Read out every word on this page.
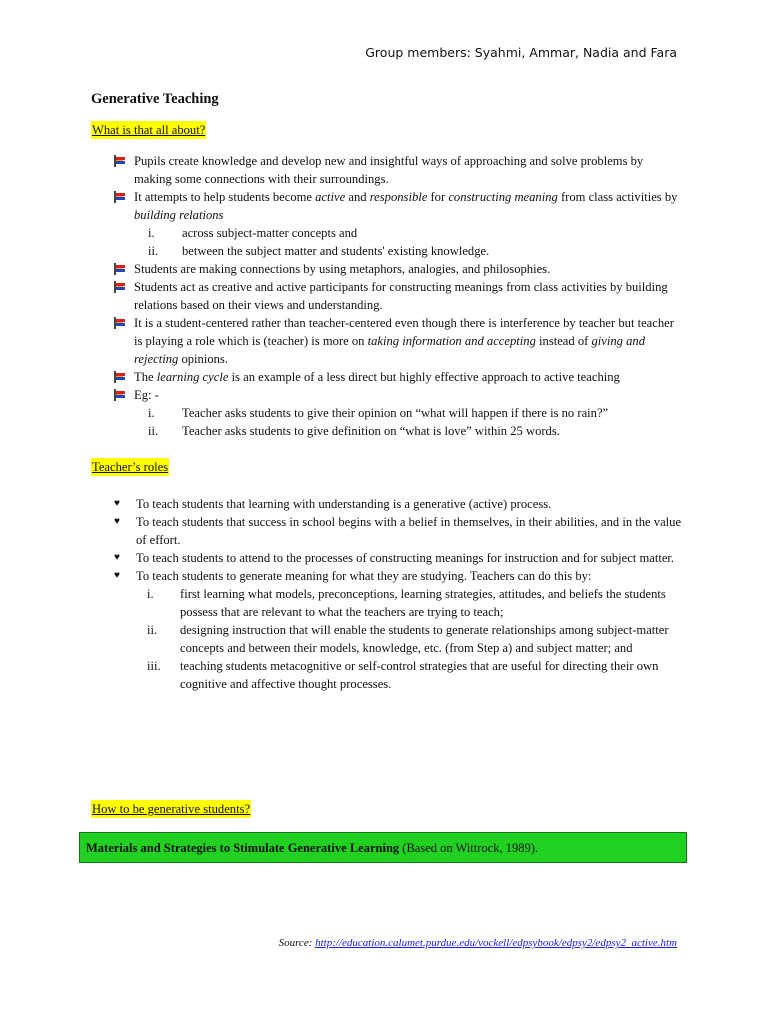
Group members: Syahmi, Ammar, Nadia and Fara
Generative Teaching
What is that all about?
Pupils create knowledge and develop new and insightful ways of approaching and solve problems by making some connections with their surroundings.
It attempts to help students become active and responsible for constructing meaning from class activities by building relations
i.	across subject-matter concepts and
ii.	between the subject matter and students' existing knowledge.
Students are making connections by using metaphors, analogies, and philosophies.
Students act as creative and active participants for constructing meanings from class activities by building relations based on their views and understanding.
It is a student-centered rather than teacher-centered even though there is interference by teacher but teacher is playing a role which is (teacher) is more on taking information and accepting instead of giving and rejecting opinions.
The learning cycle is an example of a less direct but highly effective approach to active teaching
Eg: -
i.	Teacher asks students to give their opinion on “what will happen if there is no rain?”
ii.	Teacher asks students to give definition on “what is love” within 25 words.
Teacher’s roles
♥ To teach students that learning with understanding is a generative (active) process.
♥ To teach students that success in school begins with a belief in themselves, in their abilities, and in the value of effort.
♥ To teach students to attend to the processes of constructing meanings for instruction and for subject matter.
♥ To teach students to generate meaning for what they are studying. Teachers can do this by:
i. first learning what models, preconceptions, learning strategies, attitudes, and beliefs the students possess that are relevant to what the teachers are trying to teach;
ii. designing instruction that will enable the students to generate relationships among subject-matter concepts and between their models, knowledge, etc. (from Step a) and subject matter; and
iii. teaching students metacognitive or self-control strategies that are useful for directing their own cognitive and affective thought processes.
How to be generative students?
Materials and Strategies to Stimulate Generative Learning (Based on Wittrock, 1989).
Source: http://education.calumet.purdue.edu/vockell/edpsybook/edpsy2/edpsy2_active.htm
